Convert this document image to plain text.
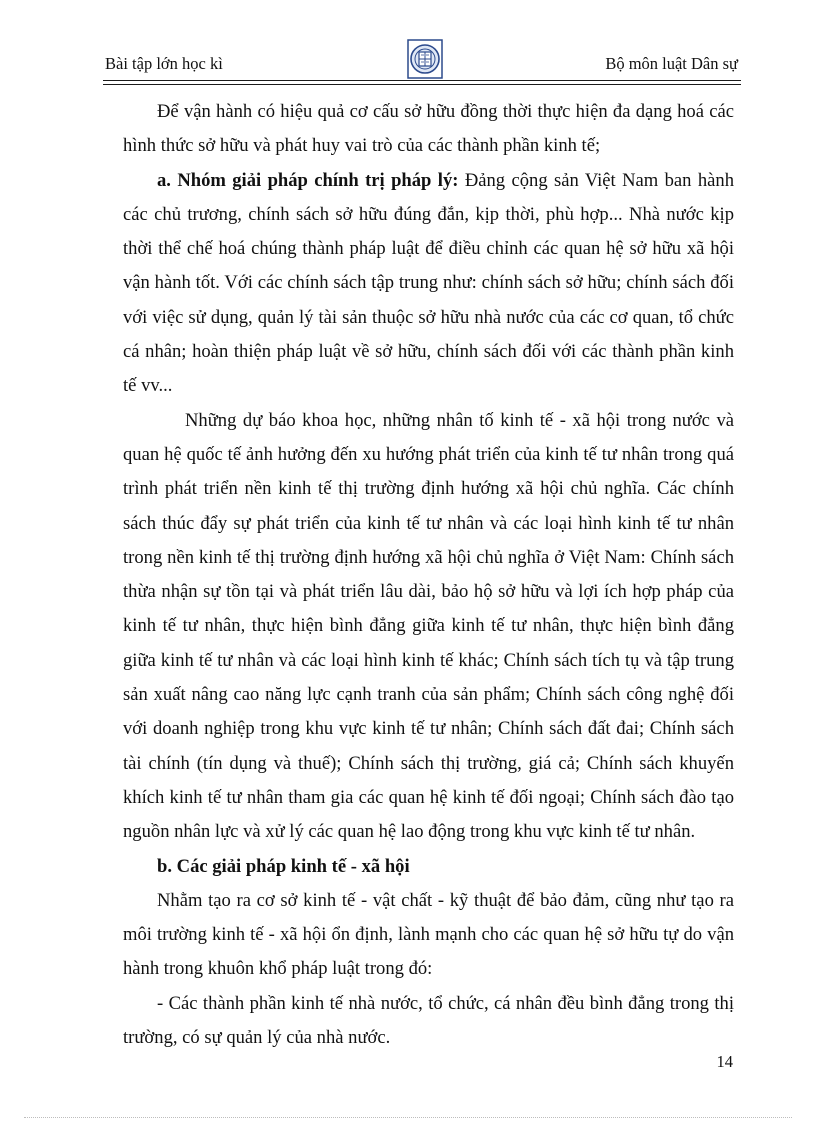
Bài tập lớn học kì	Bộ môn luật Dân sự

Để vận hành có hiệu quả cơ cấu sở hữu đồng thời thực hiện đa dạng hoá các hình thức sở hữu và phát huy vai trò của các thành phần kinh tế;

a. Nhóm giải pháp chính trị pháp lý: Đảng cộng sản Việt Nam ban hành các chủ trương, chính sách sở hữu đúng đắn, kịp thời, phù hợp... Nhà nước kịp thời thể chế hoá chúng thành pháp luật để điều chỉnh các quan hệ sở hữu xã hội vận hành tốt. Với các chính sách tập trung như: chính sách sở hữu; chính sách đối với việc sử dụng, quản lý tài sản thuộc sở hữu nhà nước của các cơ quan, tổ chức cá nhân; hoàn thiện pháp luật về sở hữu, chính sách đối với các thành phần kinh tế vv...

Những dự báo khoa học, những nhân tố kinh tế - xã hội trong nước và quan hệ quốc tế ảnh hưởng đến xu hướng phát triển của kinh tế tư nhân trong quá trình phát triển nền kinh tế thị trường định hướng xã hội chủ nghĩa. Các chính sách thúc đẩy sự phát triển của kinh tế tư nhân và các loại hình kinh tế tư nhân trong nền kinh tế thị trường định hướng xã hội chủ nghĩa ở Việt Nam: Chính sách thừa nhận sự tồn tại và phát triển lâu dài, bảo hộ sở hữu và lợi ích hợp pháp của kinh tế tư nhân, thực hiện bình đẳng giữa kinh tế tư nhân, thực hiện bình đẳng giữa kinh tế tư nhân và các loại hình kinh tế khác; Chính sách tích tụ và tập trung sản xuất nâng cao năng lực cạnh tranh của sản phẩm; Chính sách công nghệ đối với doanh nghiệp trong khu vực kinh tế tư nhân; Chính sách đất đai; Chính sách tài chính (tín dụng và thuế); Chính sách thị trường, giá cả; Chính sách khuyến khích kinh tế tư nhân tham gia các quan hệ kinh tế đối ngoại; Chính sách đào tạo nguồn nhân lực và xử lý các quan hệ lao động trong khu vực kinh tế tư nhân.

b. Các giải pháp kinh tế - xã hội

Nhằm tạo ra cơ sở kinh tế - vật chất - kỹ thuật để bảo đảm, cũng như tạo ra môi trường kinh tế - xã hội ổn định, lành mạnh cho các quan hệ sở hữu tự do vận hành trong khuôn khổ pháp luật trong đó:

- Các thành phần kinh tế nhà nước, tổ chức, cá nhân đều bình đẳng trong thị trường, có sự quản lý của nhà nước.

14
